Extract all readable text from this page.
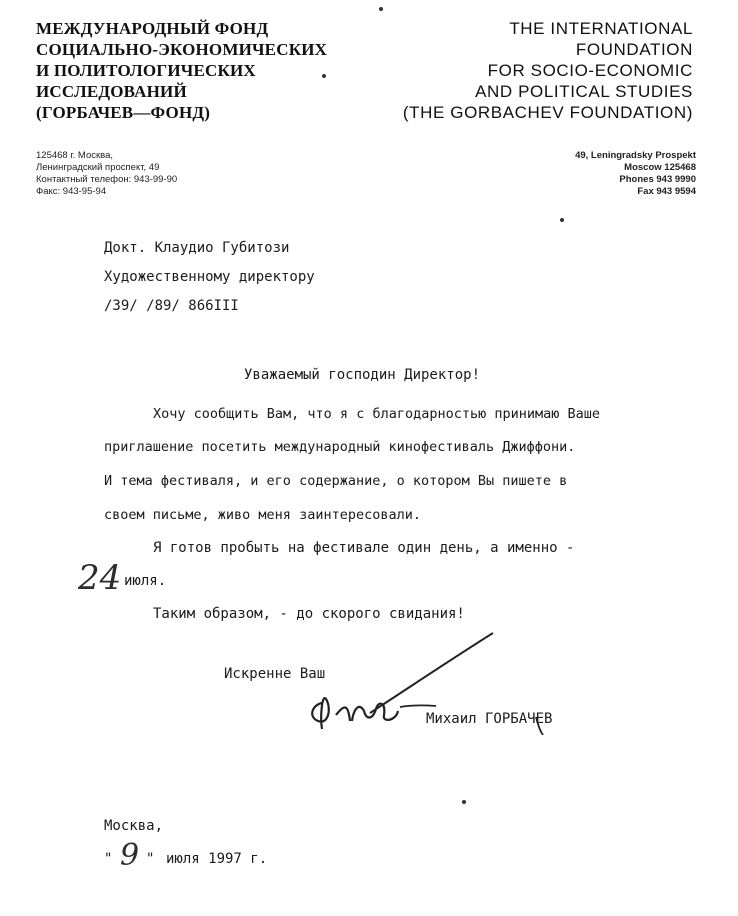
МЕЖДУНАРОДНЫЙ ФОНД
СОЦИАЛЬНО-ЭКОНОМИЧЕСКИХ
И ПОЛИТОЛОГИЧЕСКИХ
ИССЛЕДОВАНИЙ
(ГОРБАЧЕВ—ФОНД)
THE INTERNATIONAL
FOUNDATION
FOR SOCIO-ECONOMIC
AND POLITICAL STUDIES
(THE GORBACHEV FOUNDATION)
125468 г. Москва,
Ленинградский проспект, 49
Контактный телефон: 943-99-90
Факс: 943-95-94
49, Leningradsky Prospekt
Moscow 125468
Phones 943 9990
Fax 943 9594
Докт. Клаудио Губитози
Художественному директору
/39/ /89/ 866III
Уважаемый господин Директор!
Хочу сообщить Вам, что я с благодарностью принимаю Ваше
приглашение посетить международный кинофестиваль Джиффони.
И тема фестиваля, и его содержание, о котором Вы пишете в
своем письме, живо меня заинтересовали.
Я готов пробыть на фестивале один день, а именно -
24 июля.
Таким образом, - до скорого свидания!
Искренне Ваш
Михаил ГОРБАЧЕВ
Москва,
" 9 " июля 1997 г.
